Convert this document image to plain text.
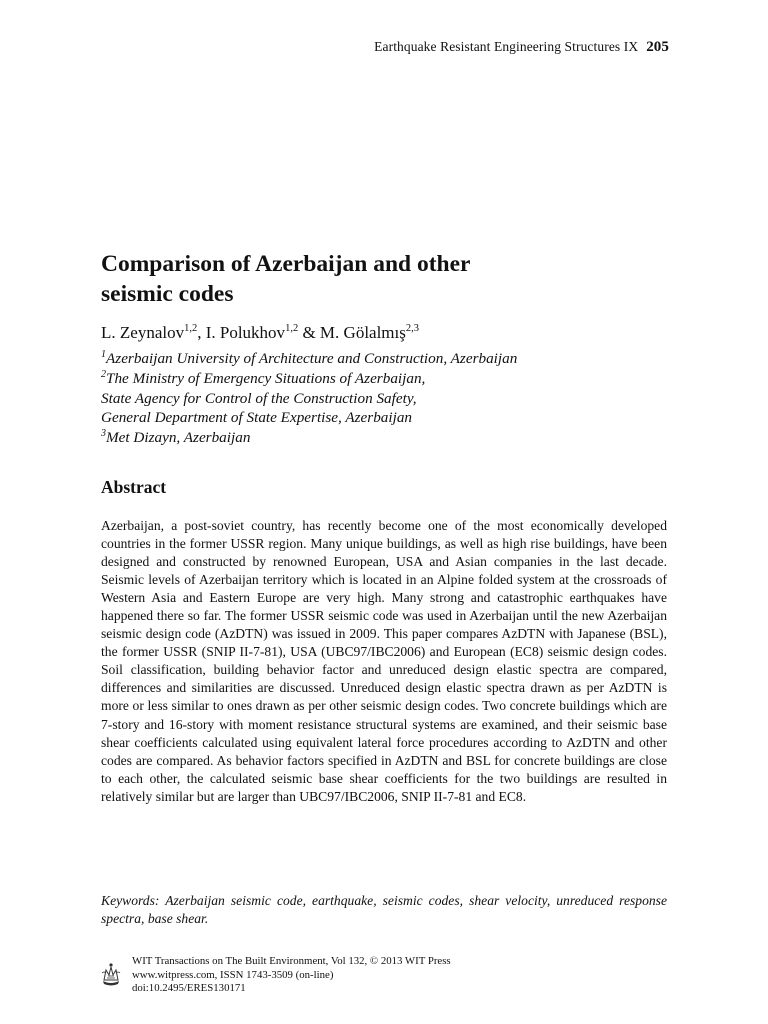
Earthquake Resistant Engineering Structures IX 205
Comparison of Azerbaijan and other
seismic codes
L. Zeynalov$^{1,2}$, I. Polukhov$^{1,2}$ & M. Gölalmış$^{2,3}$
$^1$Azerbaijan University of Architecture and Construction, Azerbaijan
$^2$The Ministry of Emergency Situations of Azerbaijan,
State Agency for Control of the Construction Safety,
General Department of State Expertise, Azerbaijan
$^3$Met Dizayn, Azerbaijan
Abstract

Azerbaijan, a post-soviet country, has recently become one of the most economically developed countries in the former USSR region. Many unique buildings, as well as high rise buildings, have been designed and constructed by renowned European, USA and Asian companies in the last decade. Seismic levels of Azerbaijan territory which is located in an Alpine folded system at the crossroads of Western Asia and Eastern Europe are very high. Many strong and catastrophic earthquakes have happened there so far. The former USSR seismic code was used in Azerbaijan until the new Azerbaijan seismic design code (AzDTN) was issued in 2009. This paper compares AzDTN with Japanese (BSL), the former USSR (SNIP II-7-81), USA (UBC97/IBC2006) and European (EC8) seismic design codes. Soil classification, building behavior factor and unreduced design elastic spectra are compared, differences and similarities are discussed. Unreduced design elastic spectra drawn as per AzDTN is more or less similar to ones drawn as per other seismic design codes. Two concrete buildings which are 7-story and 16-story with moment resistance structural systems are examined, and their seismic base shear coefficients calculated using equivalent lateral force procedures according to AzDTN and other codes are compared. As behavior factors specified in AzDTN and BSL for concrete buildings are close to each other, the calculated seismic base shear coefficients for the two buildings are resulted in relatively similar but are larger than UBC97/IBC2006, SNIP II-7-81 and EC8.

Keywords: Azerbaijan seismic code, earthquake, seismic codes, shear velocity, unreduced response spectra, base shear.

WIT Transactions on The Built Environment, Vol 132, © 2013 WIT Press
www.witpress.com, ISSN 1743-3509 (on-line)
doi:10.2495/ERES130171
